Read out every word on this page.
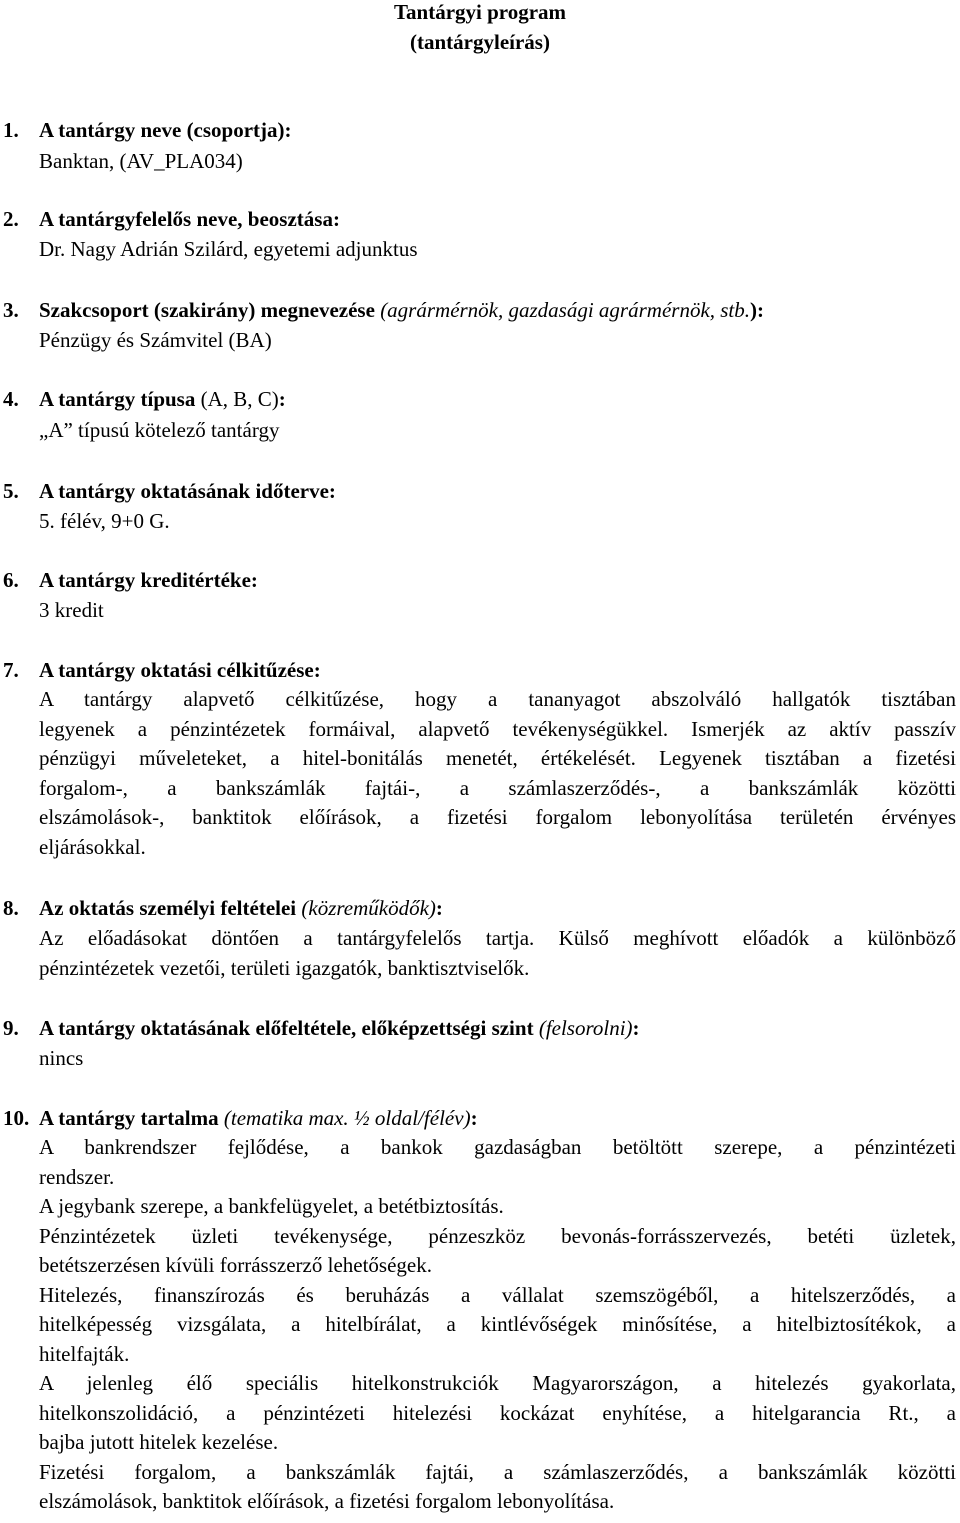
Tantárgyi program
(tantárgyleírás)
1. A tantárgy neve (csoportja):
Banktan, (AV_PLA034)
2. A tantárgyfelelős neve, beosztása:
Dr. Nagy Adrián Szilárd, egyetemi adjunktus
3. Szakcsoport (szakirány) megnevezése (agrármérnök, gazdasági agrármérnök, stb.):
Pénzügy és Számvitel (BA)
4. A tantárgy típusa (A, B, C):
„A” típusú kötelező tantárgy
5. A tantárgy oktatásának időterve:
5. félév, 9+0 G.
6. A tantárgy kreditértéke:
3 kredit
7. A tantárgy oktatási célkitűzése:
A tantárgy alapvető célkitűzése, hogy a tananyagot abszolváló hallgatók tisztában
legyenek a pénzintézetek formáival, alapvető tevékenységükkel. Ismerjék az aktív passzív
pénzügyi műveleteket, a hitel-bonitálás menetét, értékelését. Legyenek tisztában a fizetési
forgalom-, a bankszámlák fajtái-, a számlaszerződés-, a bankszámlák közötti
elszámolások-, banktitok előírások, a fizetési forgalom lebonyolítása területén érvényes
eljárásokkal.
8. Az oktatás személyi feltételei (közreműködők):
Az előadásokat döntően a tantárgyfelelős tartja. Külső meghívott előadók a különböző
pénzintézetek vezetői, területi igazgatók, banktisztviselők.
9. A tantárgy oktatásának előfeltétele, előképzettségi szint (felsorolni):
nincs
10. A tantárgy tartalma (tematika max. ½ oldal/félév):
A bankrendszer fejlődése, a bankok gazdaságban betöltött szerepe, a pénzintézeti
rendszer.
A jegybank szerepe, a bankfelügyelet, a betétbiztosítás.
Pénzintézetek üzleti tevékenysége, pénzeszköz bevonás-forrásszervezés, betéti üzletek,
betétszerzésen kívüli forrásszerző lehetőségek.
Hitelezés, finanszírozás és beruházás a vállalat szemszögéből, a hitelszerződés, a
hitelképesség vizsgálata, a hitelbírálat, a kintlévőségek minősítése, a hitelbiztosítékok, a
hitelfajták.
A jelenleg élő speciális hitelkonstrukciók Magyarországon, a hitelezés gyakorlata,
hitelkonszolidáció, a pénzintézeti hitelezési kockázat enyhítése, a hitelgarancia Rt., a
bajba jutott hitelek kezelése.
Fizetési forgalom, a bankszámlák fajtái, a számlaszerződés, a bankszámlák közötti
elszámolások, banktitok előírások, a fizetési forgalom lebonyolítása.
